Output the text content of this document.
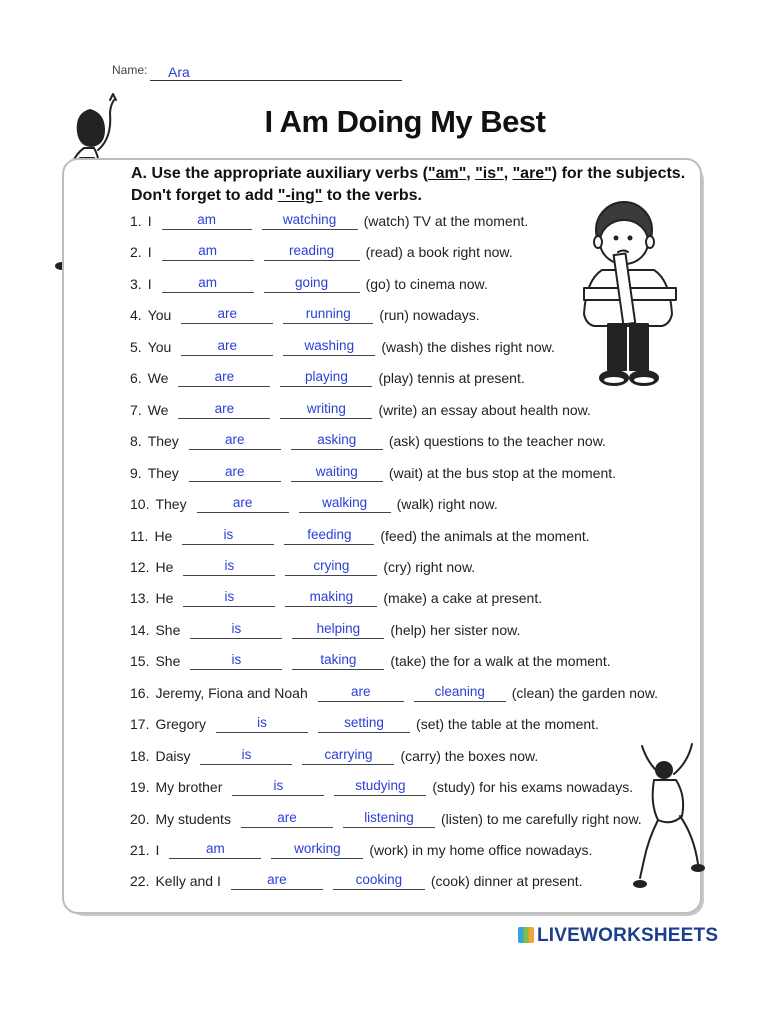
Name: Ara
I Am Doing My Best
A. Use the appropriate auxiliary verbs ("am", "is", "are") for the subjects. Don't forget to add "-ing" to the verbs.
1. I	am	watching (watch) TV at the moment.
2. I	am	reading (read) a book right now.
3. I	am	going	(go) to cinema now.
4. You	are	running (run) nowadays.
5. You	are	washing (wash) the dishes right now.
6. We	are	playing (play) tennis at present.
7. We	are	writing (write) an essay about health now.
8. They	are	asking (ask) questions to the teacher now.
9. They	are	waiting (wait) at the bus stop at the moment.
10. They	are	walking (walk) right now.
11. He	is	feeding (feed) the animals at the moment.
12. He	is	crying (cry) right now.
13. He	is	making (make) a cake at present.
14. She	is	helping (help) her sister now.
15. She	is	taking (take) the for a walk at the moment.
16. Jeremy, Fiona and Noah	are	cleaning (clean) the garden now.
17. Gregory	is	setting (set) the table at the moment.
18. Daisy	is	carrying (carry) the boxes now.
19. My brother	is	studying (study) for his exams nowadays.
20. My students	are	listening (listen) to me carefully right now.
21. I	am	working (work) in my home office nowadays.
22. Kelly and I	are	cooking (cook) dinner at present.
LIVEWORKSHEETS
